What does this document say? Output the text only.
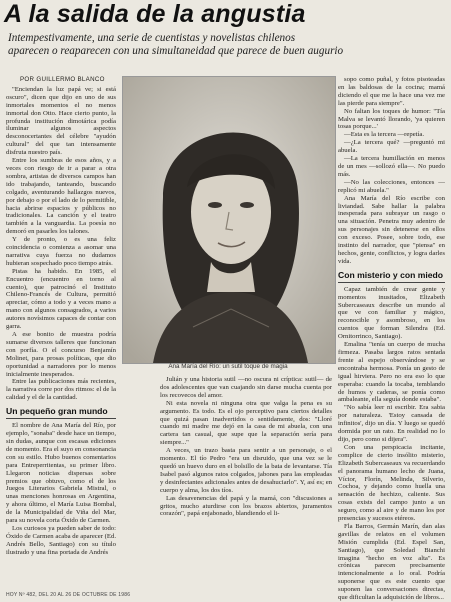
A la salida de la angustia
Intempestivamente, una serie de cuentistas y novelistas chilenos
aparecen o reaparecen con una simultaneidad que parece de buen augurio
POR GUILLERMO BLANCO

"Enciendan la luz papá ve; si está oscuro", dicen que dijo en uno de sus inmortales momentos el no menos inmortal don Otto. Hace cierto punto, la profunda institución dimotárica podía iluminar algunos aspectos desconocertantes del célebre "ayudón cultural" del que tan intensamente disfruta nuestro país.

Entre los sumbras de esos años, y a veces con riesgo de ir a parar a otra sombra, artistas de diversos campos han ido trabajando, tanteando, buscando colgado, aventurando hallazgos nuevos, por debajo o por el lado de lo permitible, hacia abrirse espacios y públicos no tradicionales. La canción y el teatro también a la vanguardia. La poesía no demoró en pasarles los talones.

Y de pronto, o es una feliz coincidencia o comienza a asomar una narrativa cuya fuerza no dudamos hubieran sospechado poco tiempo atrás.

Pistas ha habido. En 1985, el Encuentro (encuentro en torno al cuento), que patrocinó el Instituto Chileno-Francés de Cultura, permitió apreciar, cómo a todo y a veces mano a mano con algunos consagrados, a varios autores novísimos capaces de contar con garra.

A ese bonito de muestra podría sumarse diversos talleres que funcionan con porfía. O el concurso Benjamín Molinet, para prosas políticas, que dio oportunidad a narradores por lo menos inicialmente inesperados.

Entre las publicaciones más recientes, la narrativa corre por dos ritmos: el de la calidad y el de la cantidad.

Un pequeño gran mundo

El nombre de Ana María del Río, por ejemplo, "sonaba" desde hace un tiempo, sin dudas, aunque con escasas ediciones de momento. Era el suyo en consonancia con su estilo. Hubo buenos comentarios para Entreperritentas, su primer libro. Llegaron noticias dispersas sobre premios que obtuvo, como el de los Juegos Literarios Gabriela Mistral, o unas menciones honrosas en Argentina, y ahora último, el María Luisa Bombal, de la Municipalidad de Viña del Mar, para su novela corta Óxido de Carmen.

Los curiosos ya pueden saber de todo: Óxido de Carmen acaba de aparecer (Ed. Andrés Bello, Santiago) con su título ilustrado y una fina portada de Andrés

Ana María del Río: un sutil toque de magia

Julián y una historia sutil —no oscura ni críptica: sutil— de dos adolescentes que van cuajando sin darse mucha cuenta por los recovecos del amor.

Ni esta novela ni ninguna otra que valga la pena es su argumento. Es todo. Es el ojo perceptivo para ciertos detalles que quizá pasan inadvertidos o sentidamente, dos: "Lloré cuando mi madre me dejó en la casa de mi abuela, con una cartera tan casual, que supe que la separación sería para siempre..."

A veces, un trazo basta para sentir a un personaje, o el momento. El tío Pedro "era un disruido, que una vez se le quedó un huevo duro en el bolsillo de la bata de levantarse. Tía Isabel pasó algunos ratos colgados, jabones para las empleadas y desinfectantes adicionales antes de desahuciarlo". Y, así es; en cuerpo y alma, los dos tíos.

Las desavenencias del papá y la mamá, con "discusiones a gritos, mucho aturdirse con los brazos abiertos, juramentos corazón", papá enjabonado, blandiendo el li-

sopo como puñal, y fotos pisoteadas en las baldosas de la cocina; mamá diciendo el que me la hace una vez me las pierde para siempre".

No faltan los toques de humor: "Tía Malva se levantó llorando, 'ya quieren tosas porque...'

—Esta es la tercera —repetía.

—¿La tercera qué? —preguntó mi abuela.

—La tercera humillación en menos de un mes —sollozó ella—. No puedo más.

—No las colecciones, entonces —replicó mi abuela."

Ana María del Río escribe con liviandad. Sabe hallar la palabra inesperada para subrayar un rasgo o una situación. Penetra muy adentro de sus personajes sin detenerse en ellos con exceso. Posee, sobre todo, ese instinto del narrador, que "piensa" en hechos, gente, conflictos, y logra darles vida.

Con misterio y con miedo

Capaz también de crear gente y momentos inusitados, Elizabeth Subercaseaux describe un mundo al que ve con familiar y mágico, reconocible y asombroso, en los cuentos que forman Silendra (Ed. Ornitorrinco, Santiago).

Emalina "tenía un cuerpo de mucha firmeza. Pasaba largos ratos sentada frente al espejo observándose y se encontraba hermosa. Ponía un gesto de igual hirviera. Pero no era eso lo que esperaba: cuando la tocaba, temblando de humos y caderas, se ponía como ambaleante, ella seguía donde estaba".

"No sabía leer ni escribir. Era sabia por naturaleza. 'Estoy cansada de infinitos', dijo un día. Y luego se quedó dormida por un rato. En realidad no lo dijo, pero como si dijera".

Con una perspicacia incitante, complice de cierto insólito misterio, Elizabeth Subercaseaux va recuerdando el panorama humano lecho de Juana, Víctor, Florín, Melinda, Silverio, Cochoa, y dejando como huella una sensación de hechizo, caliente. Sus cosas exists del campo junto a un seguro, como al aire y de mano los por presencias y sucesos etéreos.

Fla Barros, Germán Marín, dan alas gavillas de relatos en el volumen Misión cumplida (Ed. Espel San, Santiago), que Soledad Bianchi imagina "hecho en voz alta". Es crónicas parecen precisamente intencionalmente a lo oral. Podría suponerse que es este cuento que suponen las conversaciones directas, que dificultan la adquisición de libros...

HOY Nº 482, DEL 20 AL 26 DE OCTUBRE DE 1986
